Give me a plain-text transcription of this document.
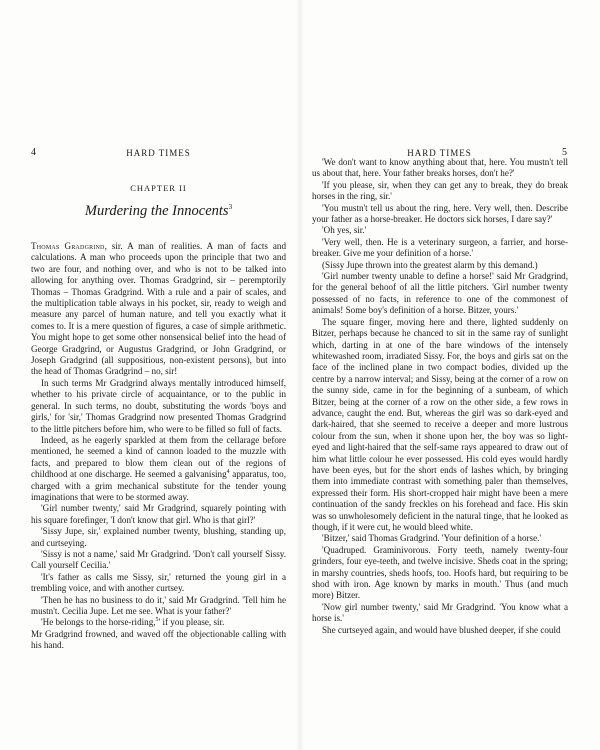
4	HARD TIMES
CHAPTER II
Murdering the Innocents$^3$

Thomas Gradgrind, sir. A man of realities. A man of facts and calculations. A man who proceeds upon the principle that two and two are four, and nothing over, and who is not to be talked into allowing for anything over. Thomas Gradgrind, sir – peremptorily Thomas – Thomas Gradgrind. With a rule and a pair of scales, and the multiplication table always in his pocket, sir, ready to weigh and measure any parcel of human nature, and tell you exactly what it comes to. It is a mere question of figures, a case of simple arithmetic. You might hope to get some other nonsensical belief into the head of George Gradgrind, or Augustus Gradgrind, or John Gradgrind, or Joseph Gradgrind (all suppositious, non-existent persons), but into the head of Thomas Gradgrind – no, sir!

In such terms Mr Gradgrind always mentally introduced himself, whether to his private circle of acquaintance, or to the public in general. In such terms, no doubt, substituting the words 'boys and girls,' for 'sir,' Thomas Gradgrind now presented Thomas Gradgrind to the little pitchers before him, who were to be filled so full of facts.

Indeed, as he eagerly sparkled at them from the cellarage before mentioned, he seemed a kind of cannon loaded to the muzzle with facts, and prepared to blow them clean out of the regions of childhood at one discharge. He seemed a galvanising$^4$ apparatus, too, charged with a grim mechanical substitute for the tender young imaginations that were to be stormed away.

'Girl number twenty,' said Mr Gradgrind, squarely pointing with his square forefinger, 'I don't know that girl. Who is that girl?'

'Sissy Jupe, sir,' explained number twenty, blushing, standing up, and curtseying.

'Sissy is not a name,' said Mr Gradgrind. 'Don't call yourself Sissy. Call yourself Cecilia.'

'It's father as calls me Sissy, sir,' returned the young girl in a trembling voice, and with another curtsey.

'Then he has no business to do it,' said Mr Gradgrind. 'Tell him he mustn't. Cecilia Jupe. Let me see. What is your father?'

'He belongs to the horse-riding,$^5$' if you please, sir.

Mr Gradgrind frowned, and waved off the objectionable calling with his hand.

HARD TIMES	5

'We don't want to know anything about that, here. You mustn't tell us about that, here. Your father breaks horses, don't he?'

'If you please, sir, when they can get any to break, they do break horses in the ring, sir.'

'You mustn't tell us about the ring, here. Very well, then. Describe your father as a horse-breaker. He doctors sick horses, I dare say?'

'Oh yes, sir.'

'Very well, then. He is a veterinary surgeon, a farrier, and horse-breaker. Give me your definition of a horse.'

(Sissy Jupe thrown into the greatest alarm by this demand.)

'Girl number twenty unable to define a horse!' said Mr Gradgrind, for the general behoof of all the little pitchers. 'Girl number twenty possessed of no facts, in reference to one of the commonest of animals! Some boy's definition of a horse. Bitzer, yours.'

The square finger, moving here and there, lighted suddenly on Bitzer, perhaps because he chanced to sit in the same ray of sunlight which, darting in at one of the bare windows of the intensely whitewashed room, irradiated Sissy. For, the boys and girls sat on the face of the inclined plane in two compact bodies, divided up the centre by a narrow interval; and Sissy, being at the corner of a row on the sunny side, came in for the beginning of a sunbeam, of which Bitzer, being at the corner of a row on the other side, a few rows in advance, caught the end. But, whereas the girl was so dark-eyed and dark-haired, that she seemed to receive a deeper and more lustrous colour from the sun, when it shone upon her, the boy was so light-eyed and light-haired that the self-same rays appeared to draw out of him what little colour he ever possessed. His cold eyes would hardly have been eyes, but for the short ends of lashes which, by bringing them into immediate contrast with something paler than themselves, expressed their form. His short-cropped hair might have been a mere continuation of the sandy freckles on his forehead and face. His skin was so unwholesomely deficient in the natural tinge, that he looked as though, if it were cut, he would bleed white.

'Bitzer,' said Thomas Gradgrind. 'Your definition of a horse.'

'Quadruped. Graminivorous. Forty teeth, namely twenty-four grinders, four eye-teeth, and twelve incisive. Sheds coat in the spring; in marshy countries, sheds hoofs, too. Hoofs hard, but requiring to be shod with iron. Age known by marks in mouth.' Thus (and much more) Bitzer.

'Now girl number twenty,' said Mr Gradgrind. 'You know what a horse is.'

She curtseyed again, and would have blushed deeper, if she could
